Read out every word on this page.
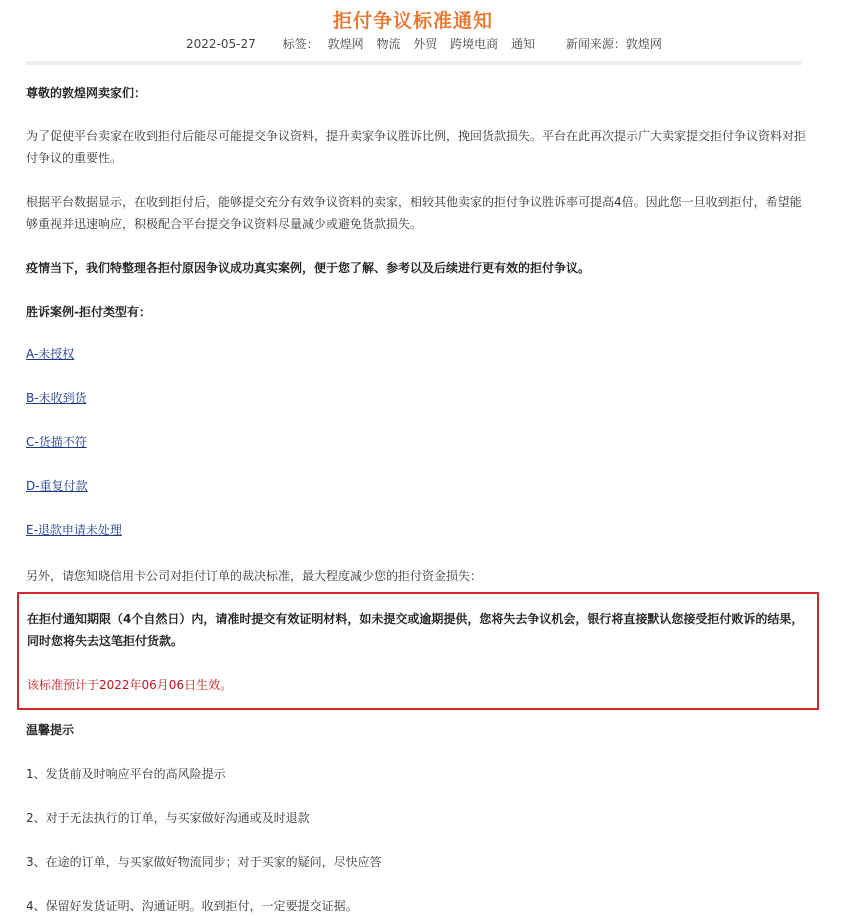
拒付争议标准通知
2022-05-27 标签： 敦煌网 物流 外贸 跨境电商 通知	新闻来源：敦煌网
尊敬的敦煌网卖家们：
为了促使平台卖家在收到拒付后能尽可能提交争议资料，提升卖家争议胜诉比例，挽回货款损失。平台在此再次提示广大卖家提交拒付争议资料对拒付争议的重要性。
根据平台数据显示，在收到拒付后，能够提交充分有效争议资料的卖家，相较其他卖家的拒付争议胜诉率可提高4倍。因此您一旦收到拒付，希望能够重视并迅速响应，积极配合平台提交争议资料尽量减少或避免货款损失。
疫情当下，我们特整理各拒付原因争议成功真实案例，便于您了解、参考以及后续进行更有效的拒付争议。
胜诉案例-拒付类型有：
A-未授权
B-未收到货
C-货描不符
D-重复付款
E-退款申请未处理
另外，请您知晓信用卡公司对拒付订单的裁决标准，最大程度减少您的拒付资金损失：
在拒付通知期限（4个自然日）内，请准时提交有效证明材料，如未提交或逾期提供，您将失去争议机会，银行将直接默认您接受拒付败诉的结果，同时您将失去这笔拒付货款。
该标准预计于2022年06月06日生效。
温馨提示
1、发货前及时响应平台的高风险提示
2、对于无法执行的订单，与买家做好沟通或及时退款
3、在途的订单，与买家做好物流同步；对于买家的疑问，尽快应答
4、保留好发货证明、沟通证明。收到拒付，一定要提交证据。
